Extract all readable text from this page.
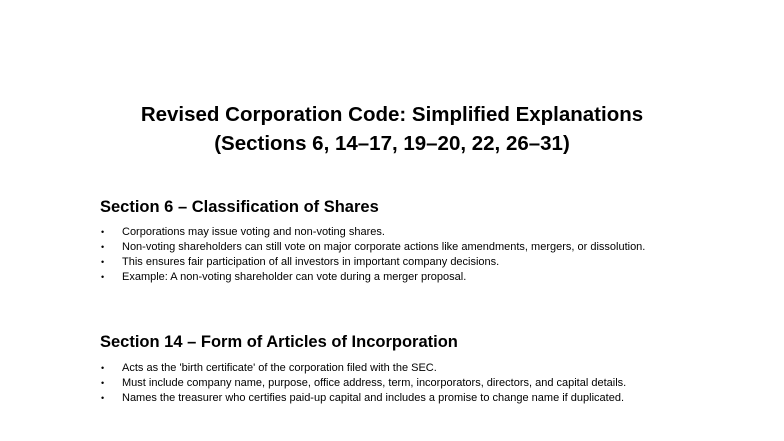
Revised Corporation Code: Simplified Explanations
(Sections 6, 14–17, 19–20, 22, 26–31)
Section 6 – Classification of Shares
• Corporations may issue voting and non-voting shares.
• Non-voting shareholders can still vote on major corporate actions like amendments, mergers, or dissolution.
• This ensures fair participation of all investors in important company decisions.
• Example: A non-voting shareholder can vote during a merger proposal.
Section 14 – Form of Articles of Incorporation
• Acts as the 'birth certificate' of the corporation filed with the SEC.
• Must include company name, purpose, office address, term, incorporators, directors, and capital details.
• Names the treasurer who certifies paid-up capital and includes a promise to change name if duplicated.
